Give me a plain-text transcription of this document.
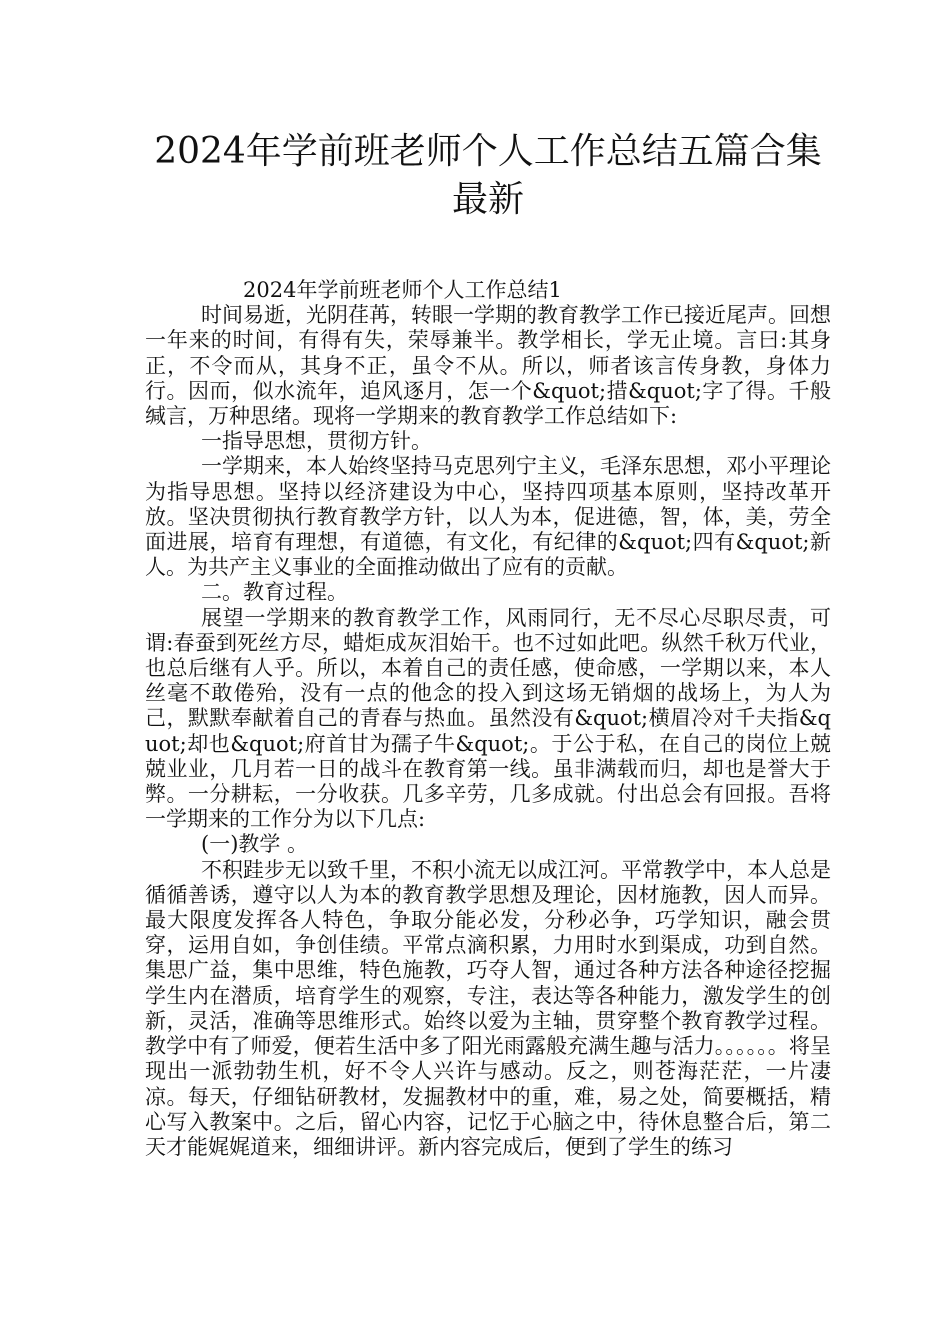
2024年学前班老师个人工作总结五篇合集
最新
2024年学前班老师个人工作总结1

时间易逝，光阴荏苒，转眼一学期的教育教学工作已接近尾声。回想一年来的时间，有得有失，荣辱兼半。教学相长，学无止境。言曰:其身正，不令而从，其身不正，虽令不从。所以，师者该言传身教，身体力行。因而，似水流年，追风逐月，怎一个&quot;措&quot;字了得。千般缄言，万种思绪。现将一学期来的教育教学工作总结如下:

一指导思想，贯彻方针。

一学期来，本人始终坚持马克思列宁主义，毛泽东思想，邓小平理论为指导思想。坚持以经济建设为中心，坚持四项基本原则，坚持改革开放。坚决贯彻执行教育教学方针，以人为本，促进德，智，体，美，劳全面进展，培育有理想，有道德，有文化，有纪律的&quot;四有&quot;新人。为共产主义事业的全面推动做出了应有的贡献。

二。教育过程。

展望一学期来的教育教学工作，风雨同行，无不尽心尽职尽责，可谓:春蚕到死丝方尽，蜡炬成灰泪始干。也不过如此吧。纵然千秋万代业，也总后继有人乎。所以，本着自己的责任感，使命感，一学期以来，本人丝毫不敢倦殆，没有一点的他念的投入到这场无销烟的战场上，为人为己，默默奉献着自己的青春与热血。虽然没有&quot;横眉冷对千夫指&quot;却也&quot;府首甘为孺子牛&quot;。于公于私，在自己的岗位上兢兢业业，几月若一日的战斗在教育第一线。虽非满载而归，却也是誉大于弊。一分耕耘，一分收获。几多辛劳，几多成就。付出总会有回报。吾将一学期来的工作分为以下几点:

(一)教学 。

不积跬步无以致千里，不积小流无以成江河。平常教学中，本人总是循循善诱，遵守以人为本的教育教学思想及理论，因材施教，因人而异。最大限度发挥各人特色，争取分能必发，分秒必争，巧学知识，融会贯穿，运用自如，争创佳绩。平常点滴积累，力用时水到渠成，功到自然。集思广益，集中思维，特色施教，巧夺人智，通过各种方法各种途径挖掘学生内在潜质，培育学生的观察，专注，表达等各种能力，激发学生的创新，灵活，准确等思维形式。始终以爱为主轴，贯穿整个教育教学过程。教学中有了师爱，便若生活中多了阳光雨露般充满生趣与活力。。。。。。将呈现出一派勃勃生机，好不令人兴许与感动。反之，则苍海茫茫，一片凄凉。每天，仔细钻研教材，发掘教材中的重，难，易之处，简要概括，精心写入教案中。之后，留心内容，记忆于心脑之中，待休息整合后，第二天才能娓娓道来，细细讲评。新内容完成后，便到了学生的练习
